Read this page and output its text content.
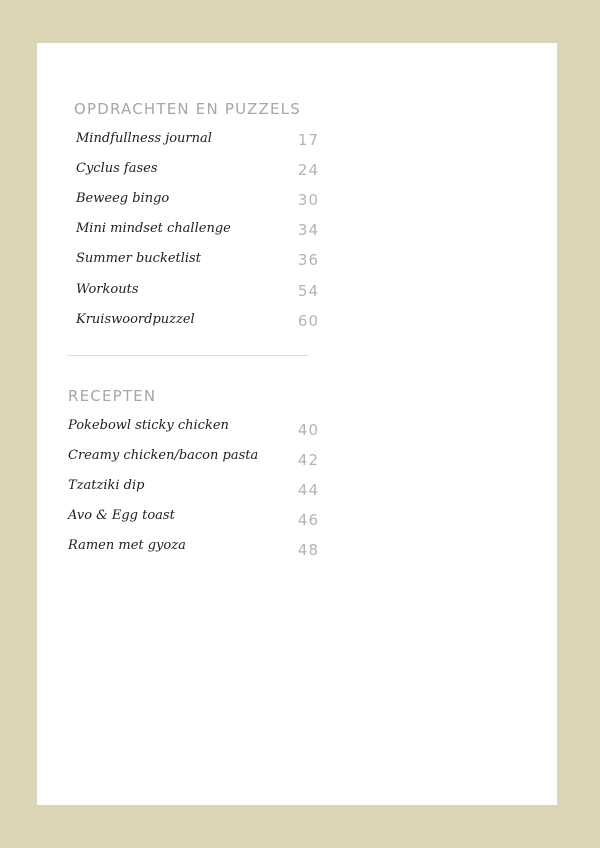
OPDRACHTEN EN PUZZELS
Mindfullness journal	17
Cyclus fases	24
Beweeg bingo	30
Mini mindset challenge	34
Summer bucketlist	36
Workouts	54
Kruiswoordpuzzel	60
RECEPTEN
Pokebowl sticky chicken	40
Creamy chicken/bacon pasta	42
Tzatziki dip	44
Avo & Egg toast	46
Ramen met gyoza	48
